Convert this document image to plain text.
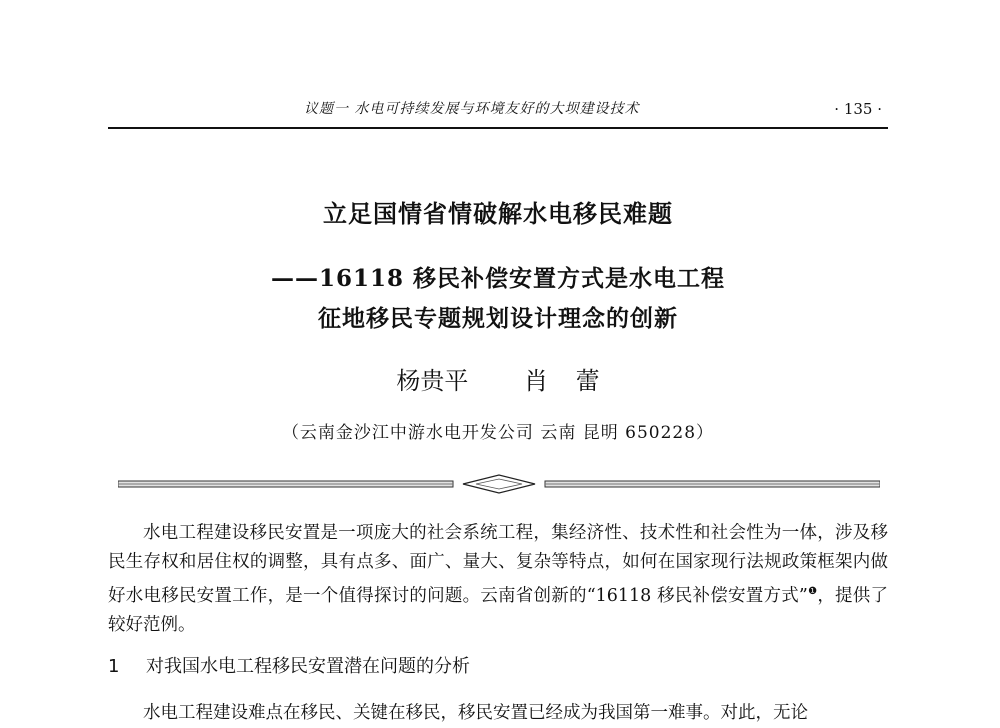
议题一 水电可持续发展与环境友好的大坝建设技术	· 135 ·
立足国情省情破解水电移民难题
——16118 移民补偿安置方式是水电工程
征地移民专题规划设计理念的创新
杨贵平 肖 蕾
（云南金沙江中游水电开发公司 云南 昆明 650228）
水电工程建设移民安置是一项庞大的社会系统工程，集经济性、技术性和社会性为一体，涉及移民生存权和居住权的调整，具有点多、面广、量大、复杂等特点，如何在国家现行法规政策框架内做好水电移民安置工作，是一个值得探讨的问题。云南省创新的“16118 移民补偿安置方式”$^❶$，提供了较好范例。
1 对我国水电工程移民安置潜在问题的分析
水电工程建设难点在移民、关键在移民，移民安置已经成为我国第一难事。对此，无论
